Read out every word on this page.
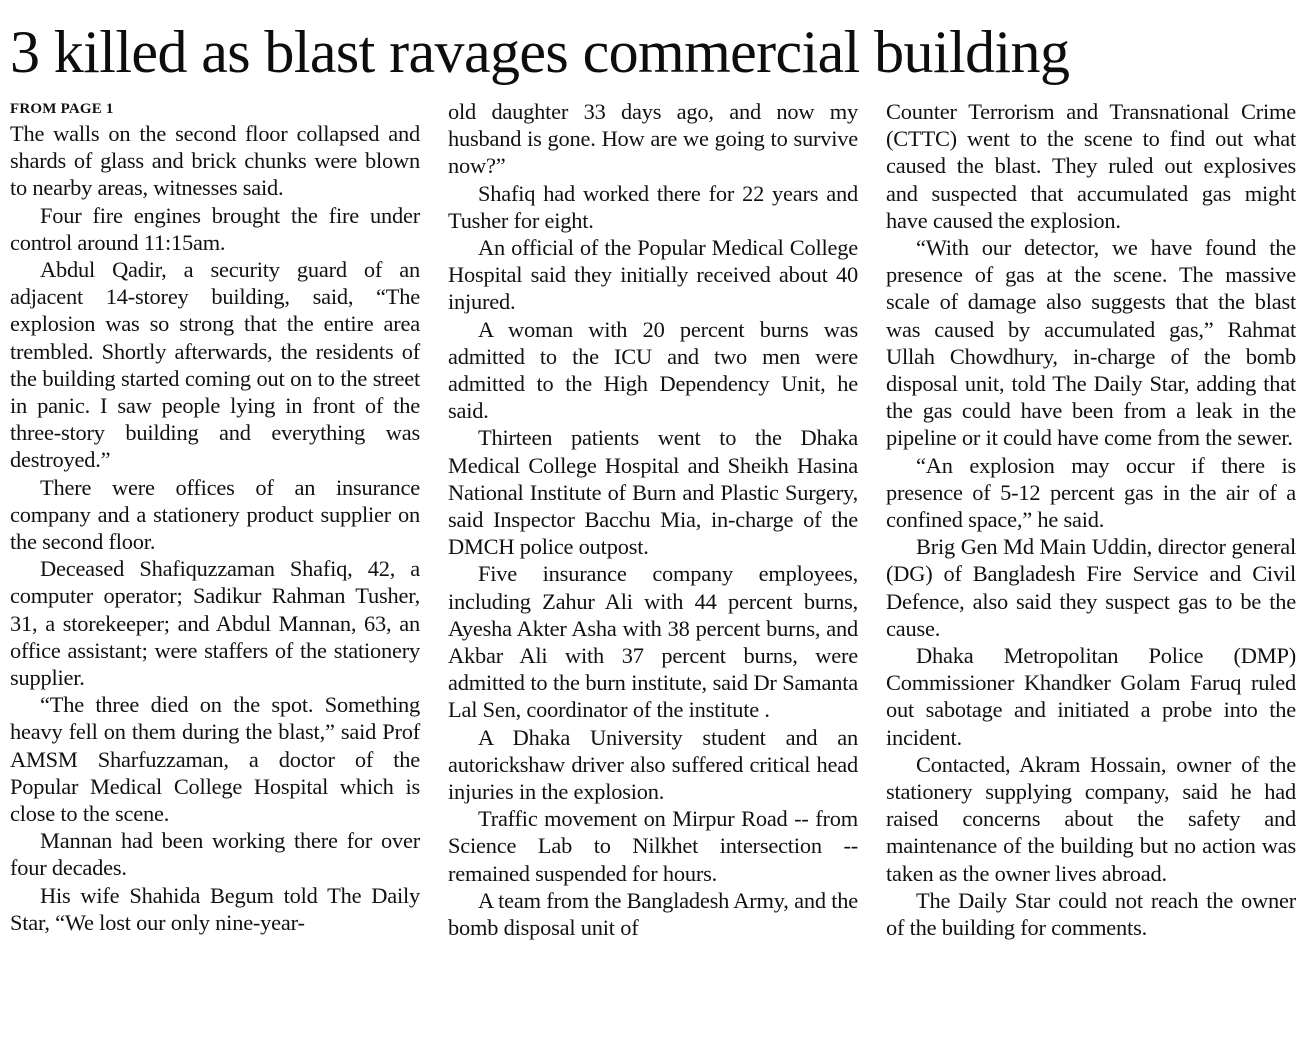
3 killed as blast ravages commercial building
FROM PAGE 1

The walls on the second floor collapsed and shards of glass and brick chunks were blown to nearby areas, witnesses said.

Four fire engines brought the fire under control around 11:15am.

Abdul Qadir, a security guard of an adjacent 14-storey building, said, “The explosion was so strong that the entire area trembled. Shortly afterwards, the residents of the building started coming out on to the street in panic. I saw people lying in front of the three-story building and everything was destroyed.”

There were offices of an insurance company and a stationery product supplier on the second floor.

Deceased Shafiquzzaman Shafiq, 42, a computer operator; Sadikur Rahman Tusher, 31, a storekeeper; and Abdul Mannan, 63, an office assistant; were staffers of the stationery supplier.

“The three died on the spot. Something heavy fell on them during the blast,” said Prof AMSM Sharfuzzaman, a doctor of the Popular Medical College Hospital which is close to the scene.

Mannan had been working there for over four decades.

His wife Shahida Begum told The Daily Star, “We lost our only nine-year-

old daughter 33 days ago, and now my husband is gone. How are we going to survive now?”

Shafiq had worked there for 22 years and Tusher for eight.

An official of the Popular Medical College Hospital said they initially received about 40 injured.

A woman with 20 percent burns was admitted to the ICU and two men were admitted to the High Dependency Unit, he said.

Thirteen patients went to the Dhaka Medical College Hospital and Sheikh Hasina National Institute of Burn and Plastic Surgery, said Inspector Bacchu Mia, in-charge of the DMCH police outpost.

Five insurance company employees, including Zahur Ali with 44 percent burns, Ayesha Akter Asha with 38 percent burns, and Akbar Ali with 37 percent burns, were admitted to the burn institute, said Dr Samanta Lal Sen, coordinator of the institute .

A Dhaka University student and an autorickshaw driver also suffered critical head injuries in the explosion.

Traffic movement on Mirpur Road -- from Science Lab to Nilkhet intersection -- remained suspended for hours.

A team from the Bangladesh Army, and the bomb disposal unit of

Counter Terrorism and Transnational Crime (CTTC) went to the scene to find out what caused the blast. They ruled out explosives and suspected that accumulated gas might have caused the explosion.

“With our detector, we have found the presence of gas at the scene. The massive scale of damage also suggests that the blast was caused by accumulated gas,” Rahmat Ullah Chowdhury, in-charge of the bomb disposal unit, told The Daily Star, adding that the gas could have been from a leak in the pipeline or it could have come from the sewer.

“An explosion may occur if there is presence of 5-12 percent gas in the air of a confined space,” he said.

Brig Gen Md Main Uddin, director general (DG) of Bangladesh Fire Service and Civil Defence, also said they suspect gas to be the cause.

Dhaka Metropolitan Police (DMP) Commissioner Khandker Golam Faruq ruled out sabotage and initiated a probe into the incident.

Contacted, Akram Hossain, owner of the stationery supplying company, said he had raised concerns about the safety and maintenance of the building but no action was taken as the owner lives abroad.

The Daily Star could not reach the owner of the building for comments.
